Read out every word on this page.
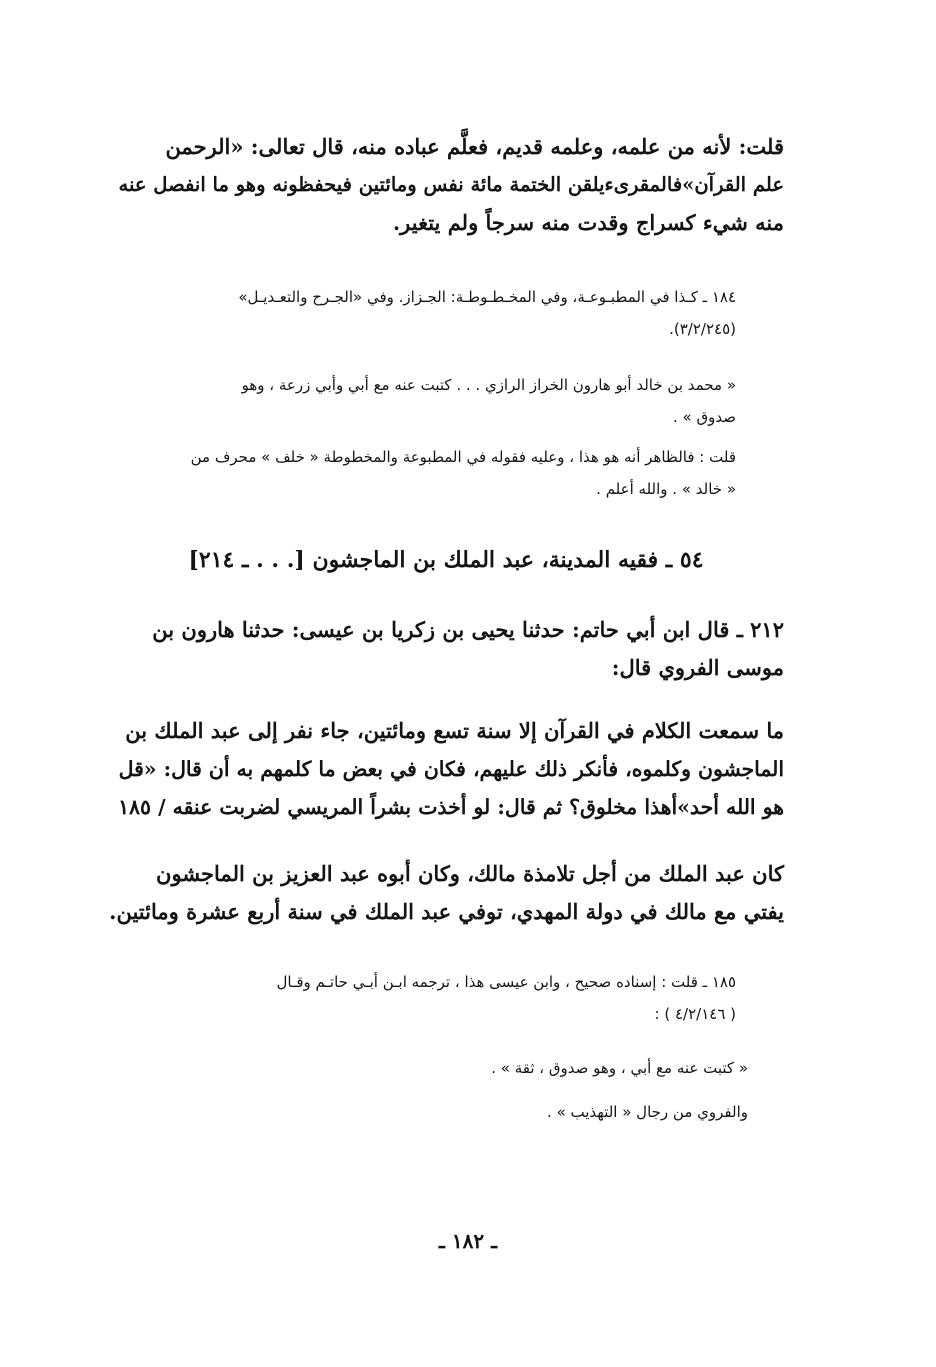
قلت: لأنه من علمه، وعلمه قديم، فعلَّم عباده منه، قال تعالى: «الرحمن
علم القرآن»فالمقرىءيلقن الختمة مائة نفس ومائتين فيحفظونه وهو ما انفصل عنه
منه شيء كسراج وقدت منه سرجاً ولم يتغير.
١٨٤ ـ كـذا في المطبـوعـة، وفي المخـطـوطـة: الجـزاز. وفي «الجـرح والتعـديـل»
(٣/٢/٢٤٥).
« محمد بن خالد أبو هارون الخراز الرازي . . . كتبت عنه مع أبي وأبي زرعة ، وهو
صدوق » .
قلت : فالظاهر أنه هو هذا ، وعليه فقوله في المطبوعة والمخطوطة « خلف » محرف من
« خالد » . والله أعلم .
٥٤ ـ فقيه المدينة، عبد الملك بن الماجشون [. . . ـ ٢١٤]
٢١٢ ـ قال ابن أبي حاتم: حدثنا يحيى بن زكريا بن عيسى: حدثنا هارون بن
موسى الفروي قال:
ما سمعت الكلام في القرآن إلا سنة تسع ومائتين، جاء نفر إلى عبد الملك بن
الماجشون وكلموه، فأنكر ذلك عليهم، فكان في بعض ما كلمهم به أن قال: «قل
هو الله أحد»أهذا مخلوق؟ ثم قال: لو أخذت بشراً المريسي لضربت عنقه / ١٨٥
كان عبد الملك من أجل تلامذة مالك، وكان أبوه عبد العزيز بن الماجشون
يفتي مع مالك في دولة المهدي، توفي عبد الملك في سنة أربع عشرة ومائتين.
١٨٥ ـ قلت : إسناده صحيح ، وابن عيسى هذا ، ترجمه ابـن أبـي حاتـم وقـال
( ٤/٢/١٤٦ ) :
« كتبت عنه مع أبي ، وهو صدوق ، ثقة » .
والفروي من رجال « التهذيب » .
ـ ١٨٢ ـ
